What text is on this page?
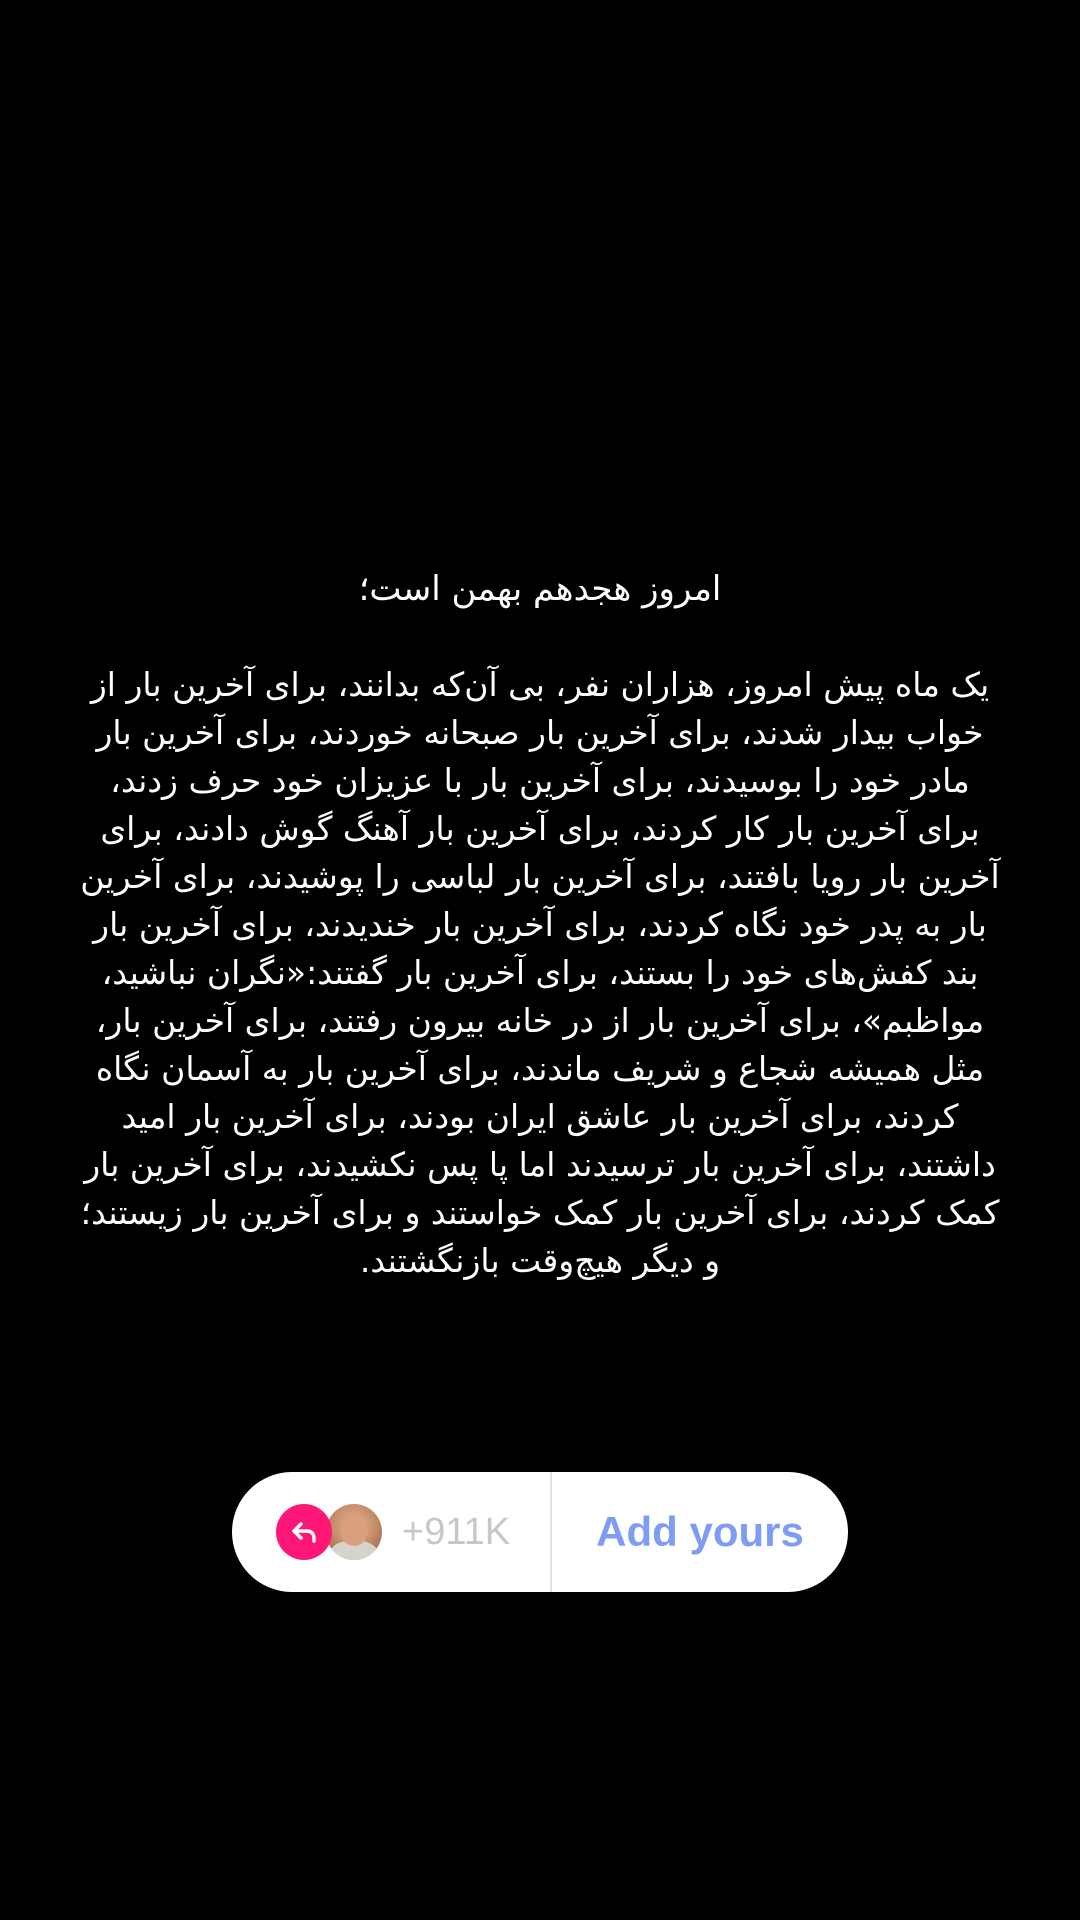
امروز هجدهم بهمن است؛

یک ماه پیش امروز، هزاران نفر، بی آن‌که بدانند، برای آخرین بار از خواب بیدار شدند، برای آخرین بار صبحانه خوردند، برای آخرین بار مادر خود را بوسیدند، برای آخرین بار با عزیزان خود حرف زدند، برای آخرین بار کار کردند، برای آخرین بار آهنگ گوش دادند، برای آخرین بار رویا بافتند، برای آخرین بار لباسی را پوشیدند، برای آخرین بار به پدر خود نگاه کردند، برای آخرین بار خندیدند، برای آخرین بار بند کفش‌های خود را بستند، برای آخرین بار گفتند:«نگران نباشید، مواظبم»، برای آخرین بار از در خانه بیرون رفتند، برای آخرین بار، مثل همیشه شجاع و شریف ماندند، برای آخرین بار به آسمان نگاه کردند، برای آخرین بار عاشق ایران بودند، برای آخرین بار امید داشتند، برای آخرین بار ترسیدند اما پا پس نکشیدند، برای آخرین بار کمک کردند، برای آخرین بار کمک خواستند و برای آخرین بار زیستند؛ و دیگر هیچ‌وقت بازنگشتند.

+911K	Add yours
